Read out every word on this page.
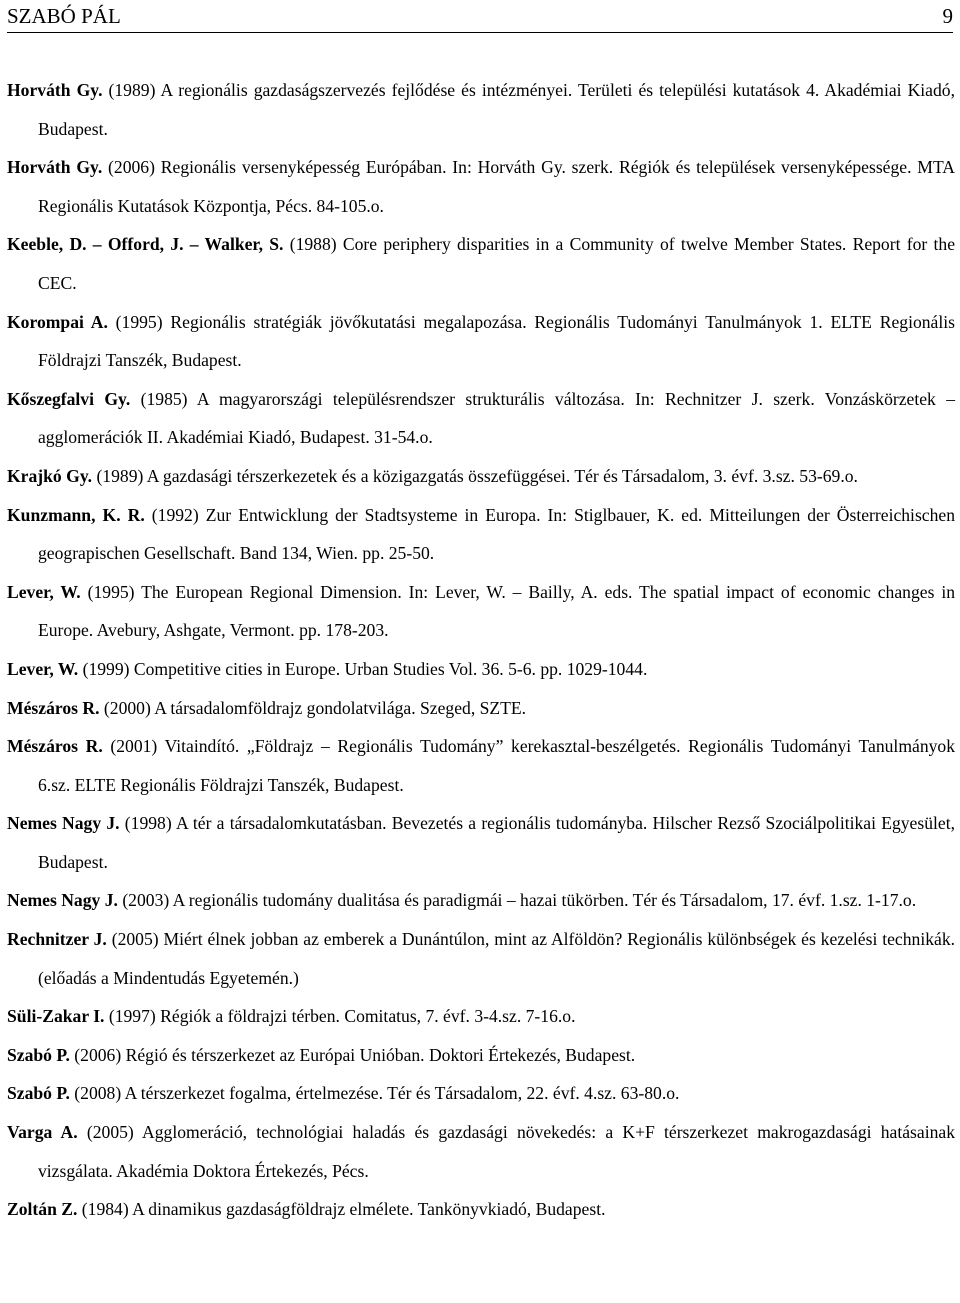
SZABÓ PÁL	9

Horváth Gy. (1989) A regionális gazdaságszervezés fejlődése és intézményei. Területi és települési kutatások 4. Akadémiai Kiadó, Budapest.

Horváth Gy. (2006) Regionális versenyképesség Európában. In: Horváth Gy. szerk. Régiók és települések versenyképessége. MTA Regionális Kutatások Központja, Pécs. 84-105.o.

Keeble, D. – Offord, J. – Walker, S. (1988) Core periphery disparities in a Community of twelve Member States. Report for the CEC.

Korompai A. (1995) Regionális stratégiák jövőkutatási megalapozása. Regionális Tudományi Tanulmányok 1. ELTE Regionális Földrajzi Tanszék, Budapest.

Kőszegfalvi Gy. (1985) A magyarországi településrendszer strukturális változása. In: Rechnitzer J. szerk. Vonzáskörzetek – agglomerációk II. Akadémiai Kiadó, Budapest. 31-54.o.

Krajkó Gy. (1989) A gazdasági térszerkezetek és a közigazgatás összefüggései. Tér és Társadalom, 3. évf. 3.sz. 53-69.o.

Kunzmann, K. R. (1992) Zur Entwicklung der Stadtsysteme in Europa. In: Stiglbauer, K. ed. Mitteilungen der Österreichischen geograpischen Gesellschaft. Band 134, Wien. pp. 25-50.

Lever, W. (1995) The European Regional Dimension. In: Lever, W. – Bailly, A. eds. The spatial impact of economic changes in Europe. Avebury, Ashgate, Vermont. pp. 178-203.

Lever, W. (1999) Competitive cities in Europe. Urban Studies Vol. 36. 5-6. pp. 1029-1044.

Mészáros R. (2000) A társadalomföldrajz gondolatvilága. Szeged, SZTE.

Mészáros R. (2001) Vitaindító. „Földrajz – Regionális Tudomány” kerekasztal-beszélgetés. Regionális Tudományi Tanulmányok 6.sz. ELTE Regionális Földrajzi Tanszék, Budapest.

Nemes Nagy J. (1998) A tér a társadalomkutatásban. Bevezetés a regionális tudományba. Hilscher Rezső Szociálpolitikai Egyesület, Budapest.

Nemes Nagy J. (2003) A regionális tudomány dualitása és paradigmái – hazai tükörben. Tér és Társadalom, 17. évf. 1.sz. 1-17.o.

Rechnitzer J. (2005) Miért élnek jobban az emberek a Dunántúlon, mint az Alföldön? Regionális különbségek és kezelési technikák. (előadás a Mindentudás Egyetemén.)

Süli-Zakar I. (1997) Régiók a földrajzi térben. Comitatus, 7. évf. 3-4.sz. 7-16.o.

Szabó P. (2006) Régió és térszerkezet az Európai Unióban. Doktori Értekezés, Budapest.

Szabó P. (2008) A térszerkezet fogalma, értelmezése. Tér és Társadalom, 22. évf. 4.sz. 63-80.o.

Varga A. (2005) Agglomeráció, technológiai haladás és gazdasági növekedés: a K+F térszerkezet makrogazdasági hatásainak vizsgálata. Akadémia Doktora Értekezés, Pécs.

Zoltán Z. (1984) A dinamikus gazdaságföldrajz elmélete. Tankönyvkiadó, Budapest.
